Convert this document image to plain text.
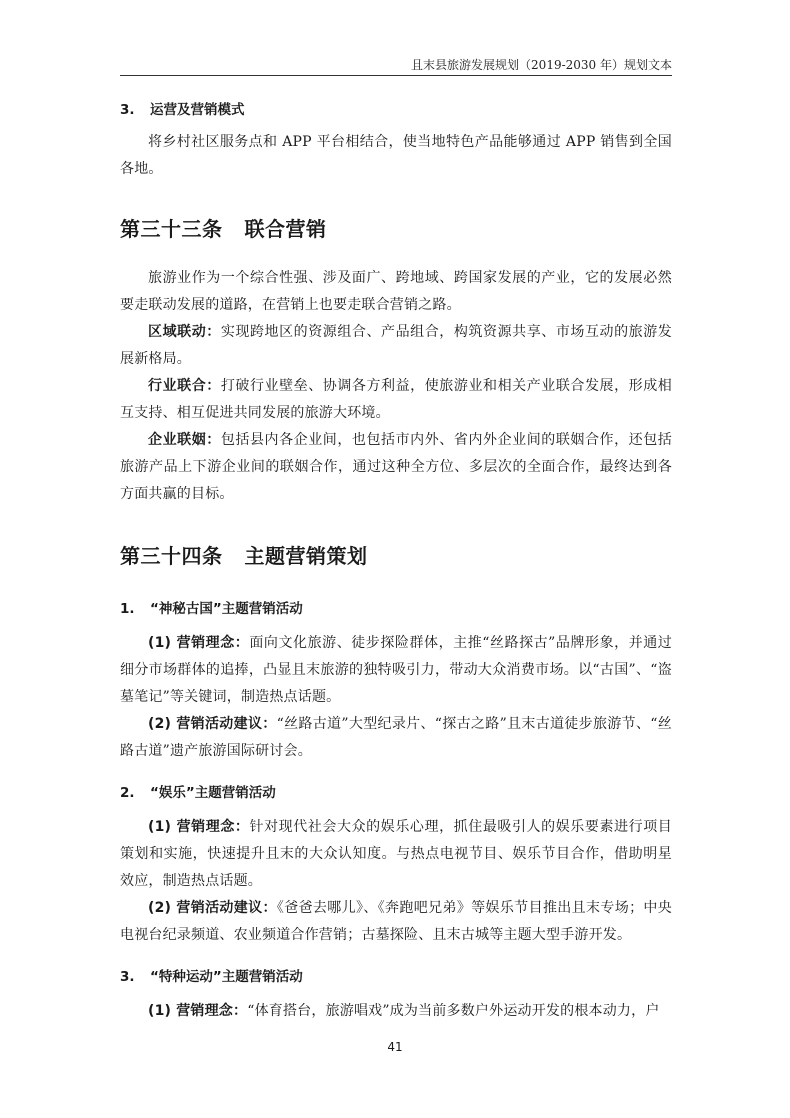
且末县旅游发展规划（2019-2030 年）规划文本
3. 运营及营销模式

将乡村社区服务点和 APP 平台相结合，使当地特色产品能够通过 APP 销售到全国各地。

第三十三条 联合营销

旅游业作为一个综合性强、涉及面广、跨地域、跨国家发展的产业，它的发展必然要走联动发展的道路，在营销上也要走联合营销之路。

区域联动：实现跨地区的资源组合、产品组合，构筑资源共享、市场互动的旅游发展新格局。

行业联合：打破行业壁垒、协调各方利益，使旅游业和相关产业联合发展，形成相互支持、相互促进共同发展的旅游大环境。

企业联姻：包括县内各企业间，也包括市内外、省内外企业间的联姻合作，还包括旅游产品上下游企业间的联姻合作，通过这种全方位、多层次的全面合作，最终达到各方面共赢的目标。

第三十四条 主题营销策划
1. “神秘古国”主题营销活动

(1) 营销理念：面向文化旅游、徒步探险群体，主推“丝路探古”品牌形象，并通过细分市场群体的追捧，凸显且末旅游的独特吸引力，带动大众消费市场。以“古国”、“盗墓笔记”等关键词，制造热点话题。

(2) 营销活动建议：“丝路古道”大型纪录片、“探古之路”且末古道徒步旅游节、“丝路古道”遗产旅游国际研讨会。

2. “娱乐”主题营销活动

(1) 营销理念：针对现代社会大众的娱乐心理，抓住最吸引人的娱乐要素进行项目策划和实施，快速提升且末的大众认知度。与热点电视节目、娱乐节目合作，借助明星效应，制造热点话题。

(2) 营销活动建议：《爸爸去哪儿》、《奔跑吧兄弟》等娱乐节目推出且末专场；中央电视台纪录频道、农业频道合作营销；古墓探险、且末古城等主题大型手游开发。

3. “特种运动”主题营销活动

(1) 营销理念：“体育搭台，旅游唱戏”成为当前多数户外运动开发的根本动力，户

41
